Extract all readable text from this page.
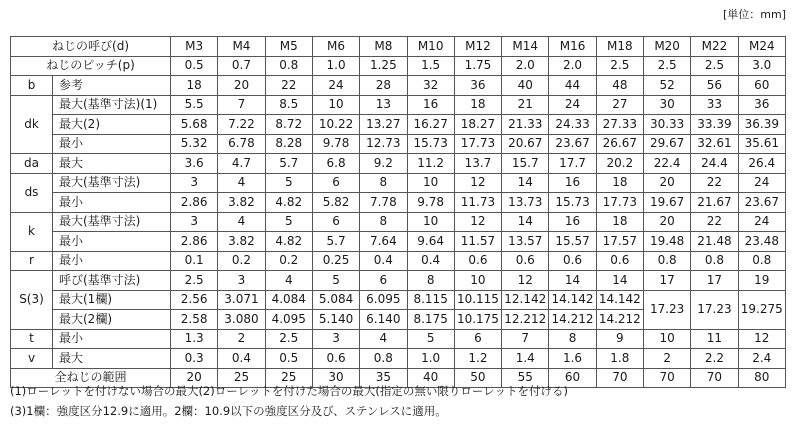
[単位：mm]
ねじの呼び(d)		M3	M4	M5	M6	M8	M10	M12	M14	M16	M18	M20	M22	M24
ねじのピッチ(p)		0.5	0.7	0.8	1.0	1.25	1.5	1.75	2.0	2.0	2.5	2.5	2.5	3.0
b	参考	18	20	22	24	28	32	36	40	44	48	52	56	60
dk	最大(基準寸法)(1)	5.5	7	8.5	10	13	16	18	21	24	27	30	33	36
	最大(2)	5.68	7.22	8.72	10.22	13.27	16.27	18.27	21.33	24.33	27.33	30.33	33.39	36.39
	最小	5.32	6.78	8.28	9.78	12.73	15.73	17.73	20.67	23.67	26.67	29.67	32.61	35.61
da	最大	3.6	4.7	5.7	6.8	9.2	11.2	13.7	15.7	17.7	20.2	22.4	24.4	26.4
ds	最大(基準寸法)	3	4	5	6	8	10	12	14	16	18	20	22	24
	最小	2.86	3.82	4.82	5.82	7.78	9.78	11.73	13.73	15.73	17.73	19.67	21.67	23.67
k	最大(基準寸法)	3	4	5	6	8	10	12	14	16	18	20	22	24
	最小	2.86	3.82	4.82	5.7	7.64	9.64	11.57	13.57	15.57	17.57	19.48	21.48	23.48
r	最小	0.1	0.2	0.2	0.25	0.4	0.4	0.6	0.6	0.6	0.6	0.8	0.8	0.8
S(3)	呼び(基準寸法)	2.5	3	4	5	6	8	10	12	14	14	17	17	19
	最大(1欄)	2.56	3.071	4.084	5.084	6.095	8.115	10.115	12.142	14.142	14.142	17.23	17.23	19.275
	最大(2欄)	2.58	3.080	4.095	5.140	6.140	8.175	10.175	12.212	14.212	14.212			
t	最小	1.3	2	2.5	3	4	5	6	7	8	9	10	11	12
v	最大	0.3	0.4	0.5	0.6	0.8	1.0	1.2	1.4	1.6	1.8	2	2.2	2.4
全ねじの範囲		20	25	25	30	35	40	50	55	60	70	70	70	80
(1)ローレットを付けない場合の最大(2)ローレットを付けた場合の最大(指定の無い限りローレットを付ける)
(3)1欄：強度区分12.9に適用。2欄：10.9以下の強度区分及び、ステンレスに適用。
